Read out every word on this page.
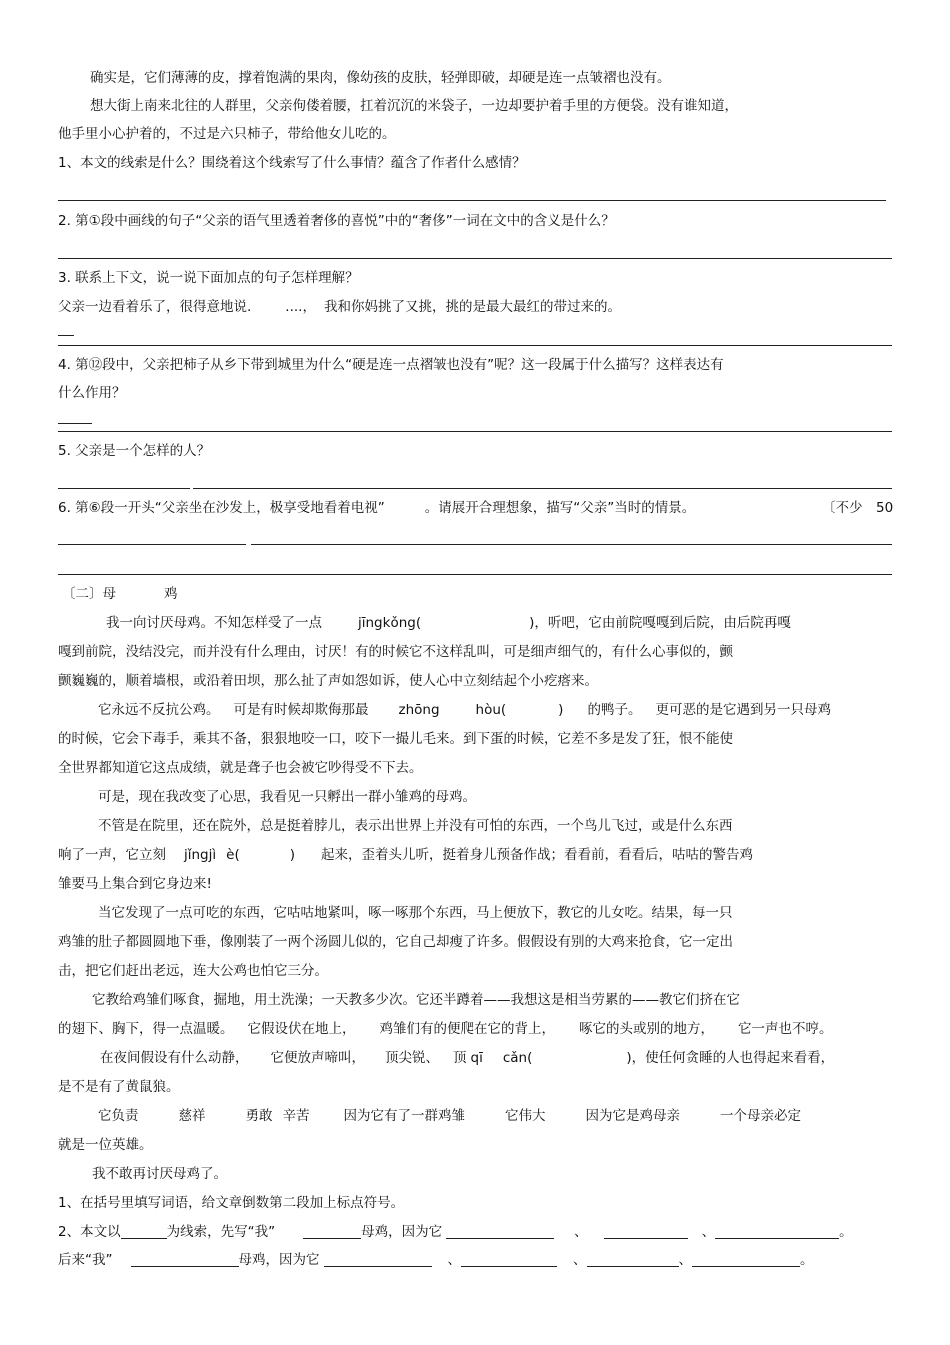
确实是，它们薄薄的皮，撑着饱满的果肉，像幼孩的皮肤，轻弹即破，却硬是连一点皱褶也没有。
想大街上南来北往的人群里，父亲佝偻着腰，扛着沉沉的米袋子，一边却要护着手里的方便袋。没有谁知道，
他手里小心护着的，不过是六只柿子，带给他女儿吃的。
1、本文的线索是什么？围绕着这个线索写了什么事情？蕴含了作者什么感情？
2. 第①段中画线的句子“父亲的语气里透着奢侈的喜悦”中的“奢侈”一词在文中的含义是什么？
3. 联系上下文，说一说下面加点的句子怎样理解？
父亲一边看着乐了，很得意地说.	....， 我和你妈挑了又挑，挑的是最大最红的带过来的。
4. 第⑫段中，父亲把柿子从乡下带到城里为什么“硬是连一点褶皱也没有”呢？这一段属于什么描写？这样表达有
什么作用？
5. 父亲是一个怎样的人？
6. 第⑥段一开头“父亲坐在沙发上，极享受地看着电视”	。请展开合理想象，描写“父亲”当时的情景。	〔不少 50
〔二〕母	鸡
我一向讨厌母鸡。不知怎样受了一点	jīngkǒng(	)，听吧，它由前院嘎嘎到后院，由后院再嘎
嘎到前院，没结没完，而并没有什么理由，讨厌！有的时候它不这样乱叫，可是细声细气的，有什么心事似的，颤
颤巍巍的，顺着墙根，或沿着田坝，那么扯了声如怨如诉，使人心中立刻结起个小疙瘩来。
它永远不反抗公鸡。 可是有时候却欺侮那最 zhōng	hòu(	) 的鸭子。 更可恶的是它遇到另一只母鸡
的时候，它会下毒手，乘其不备，狠狠地咬一口，咬下一撮儿毛来。到下蛋的时候，它差不多是发了狂，恨不能使
全世界都知道它这点成绩，就是聋子也会被它吵得受不下去。
可是，现在我改变了心思，我看见一只孵出一群小雏鸡的母鸡。
不管是在院里，还在院外，总是挺着脖儿，表示出世界上并没有可怕的东西，一个鸟儿飞过，或是什么东西
响了一声，它立刻 jǐngjì è(	) 起来，歪着头儿听，挺着身儿预备作战；看看前，看看后，咕咕的警告鸡
雏要马上集合到它身边来!
当它发现了一点可吃的东西，它咕咕地紧叫，啄一啄那个东西，马上便放下，教它的儿女吃。结果，每一只
鸡雏的肚子都圆圆地下垂，像刚装了一两个汤圆儿似的，它自己却瘦了许多。假假设有别的大鸡来抢食，它一定出
击，把它们赶出老远，连大公鸡也怕它三分。
它教给鸡雏们啄食，掘地，用土洗澡；一天教多少次。它还半蹲着——我想这是相当劳累的——教它们挤在它
的翅下、胸下，得一点温暖。 它假设伏在地上， 鸡雏们有的便爬在它的背上， 啄它的头或别的地方， 它一声也不哼。
在夜间假设有什么动静， 它便放声啼叫， 顶尖锐、 顶 qī cǎn(	)，使任何贪睡的人也得起来看看，
是不是有了黄鼠狼。
它负责	慈祥	勇敢 辛苦	因为它有了一群鸡雏	它伟大	因为它是鸡母亲	一个母亲必定
就是一位英雄。
我不敢再讨厌母鸡了。
1、在括号里填写词语，给文章倒数第二段加上标点符号。
2、本文以	为线索，先写“我”	母鸡，因为它	、	、	。
后来“我”	母鸡，因为它	、	、	、	。
